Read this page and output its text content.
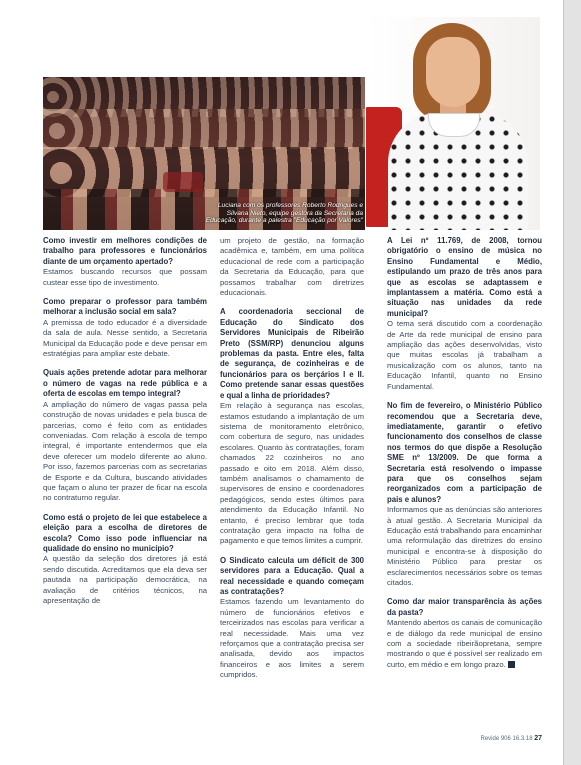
Luciana com os professores Roberto Rodrigues e Silvana Nieto, equipe gestora da Secretaria da Educação, durante a palestra "Educação por Valores"

Como investir em melhores condições de trabalho para professores e funcionários diante de um orçamento apertado?

Estamos buscando recursos que possam custear esse tipo de investimento.

Como preparar o professor para também melhorar a inclusão social em sala?

A premissa de todo educador é a diversidade da sala de aula. Nesse sentido, a Secretaria Municipal da Educação pode e deve pensar em estratégias para ampliar este debate.

Quais ações pretende adotar para melhorar o número de vagas na rede pública e a oferta de escolas em tempo integral?

A ampliação do número de vagas passa pela construção de novas unidades e pela busca de parcerias, como é feito com as entidades conveniadas. Com relação à escola de tempo integral, é importante entendermos que ela deve oferecer um modelo diferente ao aluno. Por isso, fazemos parcerias com as secretarias de Esporte e da Cultura, buscando atividades que façam o aluno ter prazer de ficar na escola no contraturno regular.

Como está o projeto de lei que estabelece a eleição para a escolha de diretores de escola? Como isso pode influenciar na qualidade do ensino no município?

A questão da seleção dos diretores já está sendo discutida. Acreditamos que ela deva ser pautada na participação democrática, na avaliação de critérios técnicos, na apresentação de

um projeto de gestão, na formação acadêmica e, também, em uma política educacional de rede com a participação da Secretaria da Educação, para que possamos trabalhar com diretrizes educacionais.

A coordenadoria seccional de Educação do Sindicato dos Servidores Municipais de Ribeirão Preto (SSM/RP) denunciou alguns problemas da pasta. Entre eles, falta de segurança, de cozinheiras e de funcionários para os berçários I e II. Como pretende sanar essas questões e qual a linha de prioridades?

Em relação à segurança nas escolas, estamos estudando a implantação de um sistema de monitoramento eletrônico, com cobertura de seguro, nas unidades escolares. Quanto às contratações, foram chamados 22 cozinheiros no ano passado e oito em 2018. Além disso, também analisamos o chamamento de supervisores de ensino e coordenadores pedagógicos, sendo estes últimos para atendimento da Educação Infantil. No entanto, é preciso lembrar que toda contratação gera impacto na folha de pagamento e que temos limites a cumprir.

O Sindicato calcula um déficit de 300 servidores para a Educação. Qual a real necessidade e quando começam as contratações?

Estamos fazendo um levantamento do número de funcionários efetivos e terceirizados nas escolas para verificar a real necessidade. Mais uma vez reforçamos que a contratação precisa ser analisada, devido aos impactos financeiros e aos limites a serem cumpridos.

A Lei nº 11.769, de 2008, tornou obrigatório o ensino de música no Ensino Fundamental e Médio, estipulando um prazo de três anos para que as escolas se adaptassem e implantassem a matéria. Como está a situação nas unidades da rede municipal?

O tema será discutido com a coordenação de Arte da rede municipal de ensino para ampliação das ações desenvolvidas, visto que muitas escolas já trabalham a musicalização com os alunos, tanto na Educação Infantil, quanto no Ensino Fundamental.

No fim de fevereiro, o Ministério Público recomendou que a Secretaria deve, imediatamente, garantir o efetivo funcionamento dos conselhos de classe nos termos do que dispõe a Resolução SME nº 13/2009. De que forma a Secretaria está resolvendo o impasse para que os conselhos sejam reorganizados com a participação de pais e alunos?

Informamos que as denúncias são anteriores à atual gestão. A Secretaria Municipal da Educação está trabalhando para encaminhar uma reformulação das diretrizes do ensino municipal e encontra-se à disposição do Ministério Público para prestar os esclarecimentos necessários sobre os temas citados.

Como dar maior transparência às ações da pasta?

Mantendo abertos os canais de comunicação e de diálogo da rede municipal de ensino com a sociedade ribeirãopretana, sempre mostrando o que é possível ser realizado em curto, em médio e em longo prazo.

Revide 906 16.3.18 27
